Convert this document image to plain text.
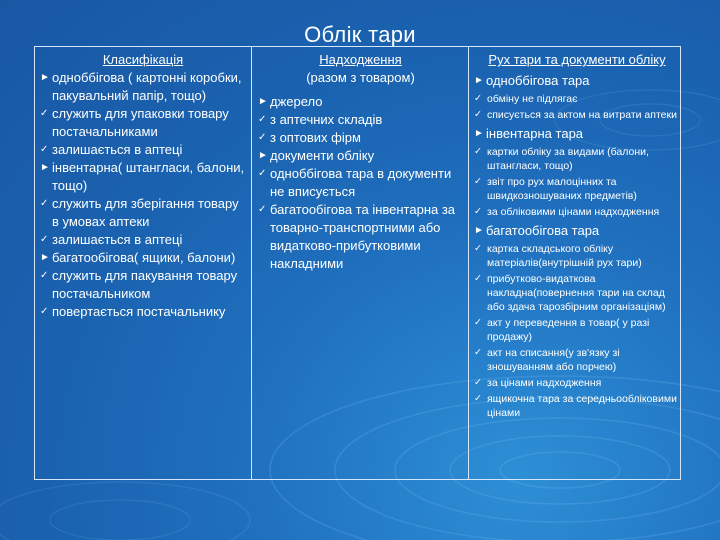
Облік тари
Класифікація
► одноббігова ( картонні коробки, пакувальний папір, тощо)
✓ служить для упаковки товару постачальниками
✓ залишається в аптеці
► інвентарна( штангласи, балони, тощо)
✓ служить для зберігання товару в умовах аптеки
✓ залишається в аптеці
► багатообігова( ящики, балони)
✓ служить для пакування товару постачальником
✓ повертається постачальнику
Надходження
(разом з товаром)
► джерело
✓ з аптечних складів
✓ з оптових фірм
► документи обліку
✓ одноббігова тара в документи не вписується
✓ багатообігова та інвентарна за товарно-транспортними або видатково-прибутковими накладними
Рух тари та документи обліку
► одноббігова тара
✓ обміну не підлягає
✓ списується за актом на витрати аптеки
► інвентарна тара
✓ картки обліку за видами (балони, штангласи, тощо)
✓ звіт про рух малоцінних та швидкозношуваних предметів)
✓ за обліковими цінами надходження
► багатообігова тара
✓ картка складського обліку матеріалів(внутрішній рух тари)
✓ прибутково-видаткова накладна(повернення тари на склад або здача тарозбірним організаціям)
✓ акт у переведення в товар( у разі продажу)
✓ акт на списання(у зв'язку зі зношуванням або порчею)
✓ за цінами надходження
✓ ящикочна тара за середньообліковими цінами
